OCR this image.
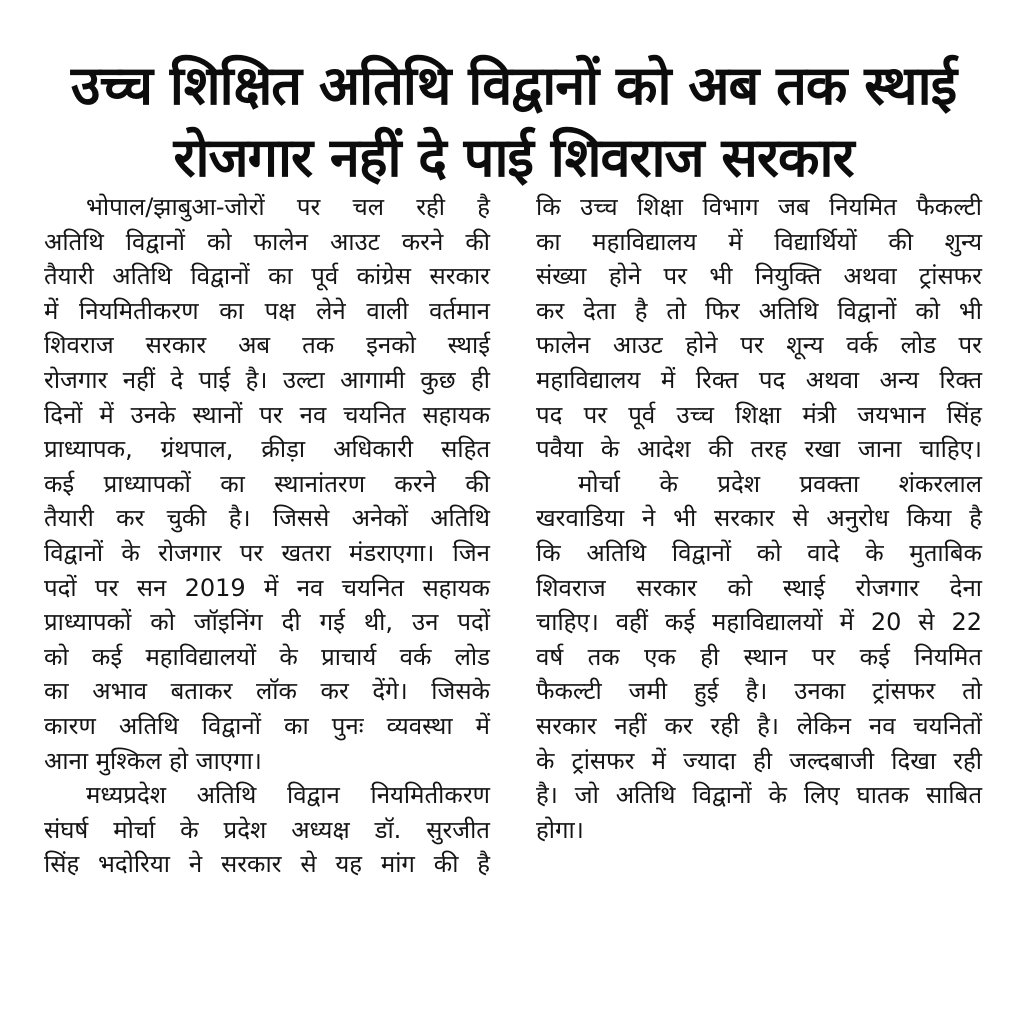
उच्च शिक्षित अतिथि विद्वानों को अब तक स्थाई
रोजगार नहीं दे पाई शिवराज सरकार

भोपाल/झाबुआ-जोरों पर चल रही है
अतिथि विद्वानों को फालेन आउट करने की
तैयारी अतिथि विद्वानों का पूर्व कांग्रेस सरकार
में नियमितीकरण का पक्ष लेने वाली वर्तमान
शिवराज सरकार अब तक इनको स्थाई
रोजगार नहीं दे पाई है। उल्टा आगामी कुछ ही
दिनों में उनके स्थानों पर नव चयनित सहायक
प्राध्यापक, ग्रंथपाल, क्रीड़ा अधिकारी सहित
कई प्राध्यापकों का स्थानांतरण करने की
तैयारी कर चुकी है। जिससे अनेकों अतिथि
विद्वानों के रोजगार पर खतरा मंडराएगा। जिन
पदों पर सन 2019 में नव चयनित सहायक
प्राध्यापकों को जॉइनिंग दी गई थी, उन पदों
को कई महाविद्यालयों के प्राचार्य वर्क लोड
का अभाव बताकर लॉक कर देंगे। जिसके
कारण अतिथि विद्वानों का पुनः व्यवस्था में
आना मुश्किल हो जाएगा।

मध्यप्रदेश अतिथि विद्वान नियमितीकरण
संघर्ष मोर्चा के प्रदेश अध्यक्ष डॉ. सुरजीत
सिंह भदोरिया ने सरकार से यह मांग की है

कि उच्च शिक्षा विभाग जब नियमित फैकल्टी
का महाविद्यालय में विद्यार्थियों की शुन्य
संख्या होने पर भी नियुक्ति अथवा ट्रांसफर
कर देता है तो फिर अतिथि विद्वानों को भी
फालेन आउट होने पर शून्य वर्क लोड पर
महाविद्यालय में रिक्त पद अथवा अन्य रिक्त
पद पर पूर्व उच्च शिक्षा मंत्री जयभान सिंह
पवैया के आदेश की तरह रखा जाना चाहिए।

मोर्चा के प्रदेश प्रवक्ता शंकरलाल
खरवाडिया ने भी सरकार से अनुरोध किया है
कि अतिथि विद्वानों को वादे के मुताबिक
शिवराज सरकार को स्थाई रोजगार देना
चाहिए। वहीं कई महाविद्यालयों में 20 से 22
वर्ष तक एक ही स्थान पर कई नियमित
फैकल्टी जमी हुई है। उनका ट्रांसफर तो
सरकार नहीं कर रही है। लेकिन नव चयनितों
के ट्रांसफर में ज्यादा ही जल्दबाजी दिखा रही
है। जो अतिथि विद्वानों के लिए घातक साबित
होगा।
